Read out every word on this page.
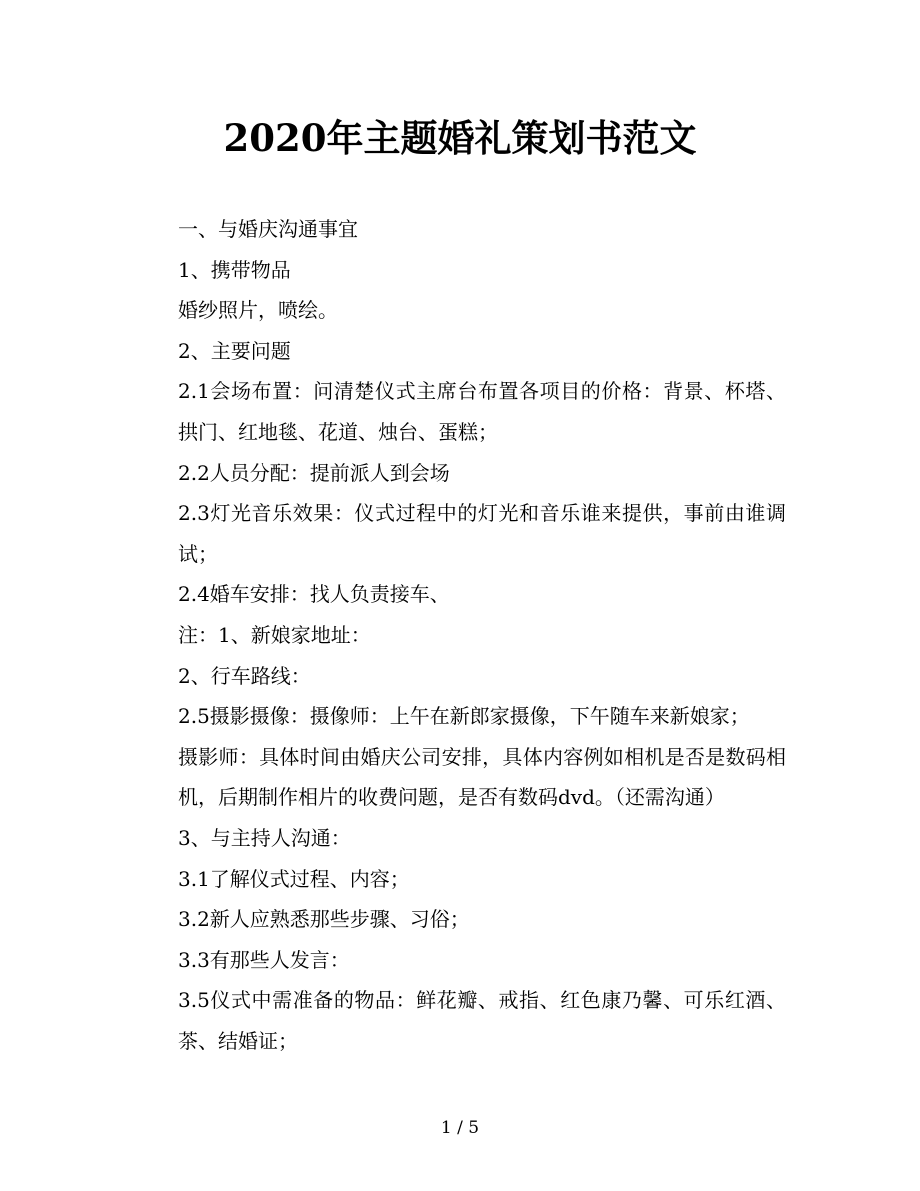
2020年主题婚礼策划书范文

一、与婚庆沟通事宜

1、携带物品

婚纱照片，喷绘。

2、主要问题

2.1会场布置：问清楚仪式主席台布置各项目的价格：背景、杯塔、拱门、红地毯、花道、烛台、蛋糕；

2.2人员分配：提前派人到会场

2.3灯光音乐效果：仪式过程中的灯光和音乐谁来提供，事前由谁调试；

2.4婚车安排：找人负责接车、

注：1、新娘家地址：

2、行车路线：

2.5摄影摄像：摄像师：上午在新郎家摄像，下午随车来新娘家；

摄影师：具体时间由婚庆公司安排，具体内容例如相机是否是数码相机，后期制作相片的收费问题，是否有数码dvd。（还需沟通）

3、与主持人沟通：

3.1了解仪式过程、内容；

3.2新人应熟悉那些步骤、习俗；

3.3有那些人发言：

3.5仪式中需准备的物品：鲜花瓣、戒指、红色康乃馨、可乐红酒、茶、结婚证；

1 / 5
